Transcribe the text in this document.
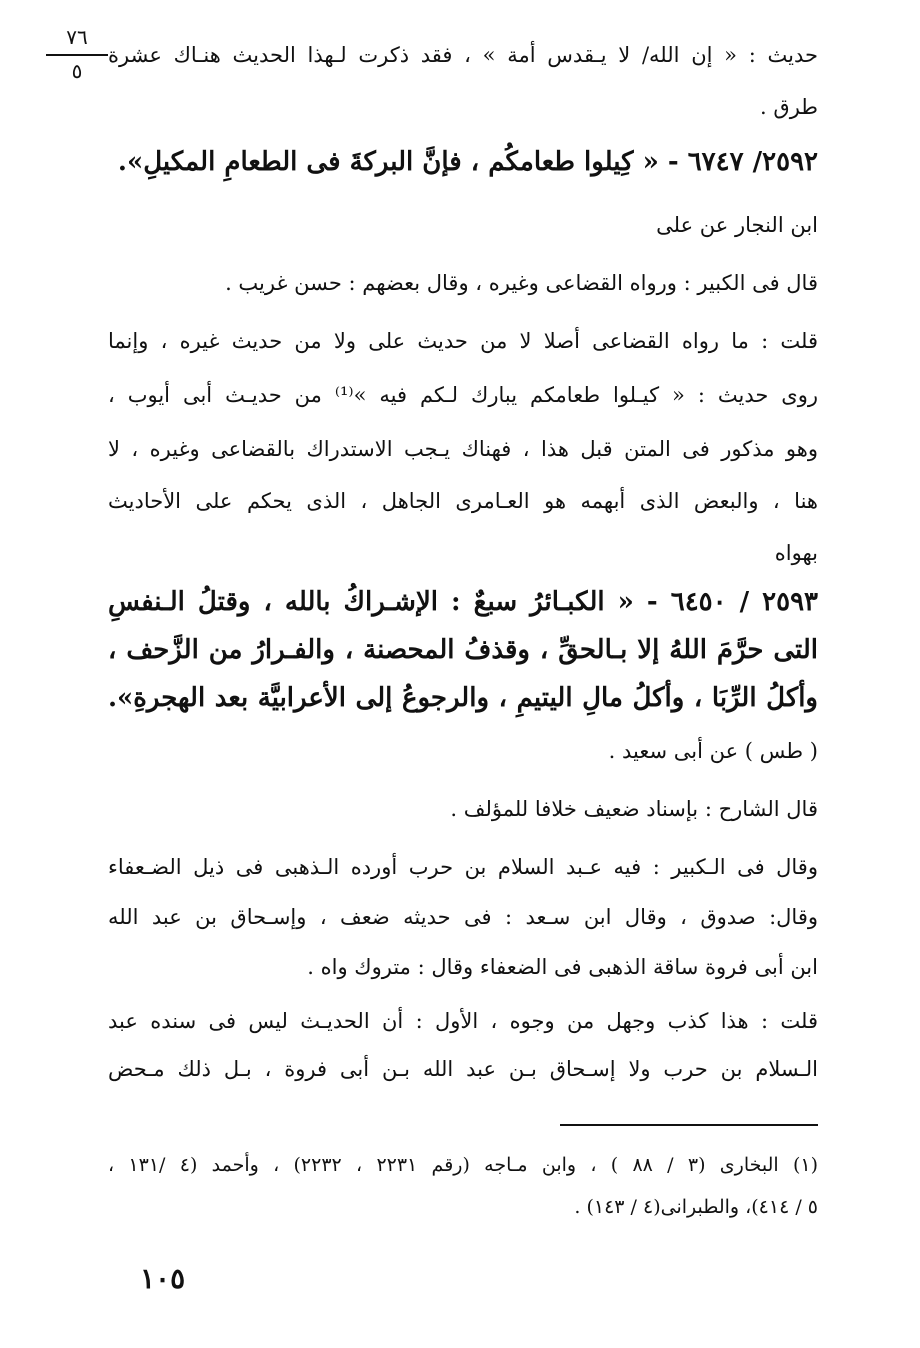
٧٦
٥
حديث : « إن الله/ لا يـقدس أمة » ، فقد ذكرت لـهذا الحديث هنـاك عشرة
طرق .
٢٥٩٢/ ٦٧٤٧ - « كِيلوا طعامكُم ، فإنَّ البركةَ فى الطعامِ المكيلِ».
ابن النجار عن على
قال فى الكبير : ورواه القضاعى وغيره ، وقال بعضهم : حسن غريب .
قلت : ما رواه القضاعى أصلا لا من حديث على ولا من حديث غيره ، وإنما
روى حديث : « كيـلوا طعامكم يبارك لـكم فيه »⁽¹⁾ من حديـث أبى أيوب ،
وهو مذكور فى المتن قبل هذا ، فهناك يـجب الاستدراك بالقضاعى وغيره ، لا
هنا ، والبعض الذى أبهمه هو العـامرى الجاهل ، الذى يحكم على الأحاديث
بهواه
٢٥٩٣ / ٦٤٥٠ - « الكبـائرُ سبعٌ : الإشـراكُ بالله ، وقتلُ الـنفسِ
التى حرَّمَ اللهُ إلا بـالحقِّ ، وقذفُ المحصنة ، والفـرارُ من الزَّحف ،
وأكلُ الرِّبَا ، وأكلُ مالِ اليتيمِ ، والرجوعُ إلى الأعرابيَّة بعد الهجرةِ».
( طس ) عن أبى سعيد .
قال الشارح : بإسناد ضعيف خلافا للمؤلف .
وقال فى الـكبير : فيه عـبد السلام بن حرب أورده الـذهبى فى ذيل الضـعفاء
وقال: صدوق ، وقال ابن سـعد : فى حديثه ضعف ، وإسـحاق بن عبد الله
ابن أبى فروة ساقة الذهبى فى الضعفاء وقال : متروك واه .
قلت : هذا كذب وجهل من وجوه ، الأول : أن الحديـث ليس فى سنده عبد
الـسلام بن حرب ولا إسـحاق بـن عبد الله بـن أبى فروة ، بـل ذلك مـحض
(١) البخارى (٣ / ٨٨ ) ، وابن مـاجه (رقم ٢٢٣١ ، ٢٢٣٢) ، وأحمد (٤ /١٣١ ،
٥ / ٤١٤)، والطبرانى(٤ / ١٤٣) .
١٠٥
